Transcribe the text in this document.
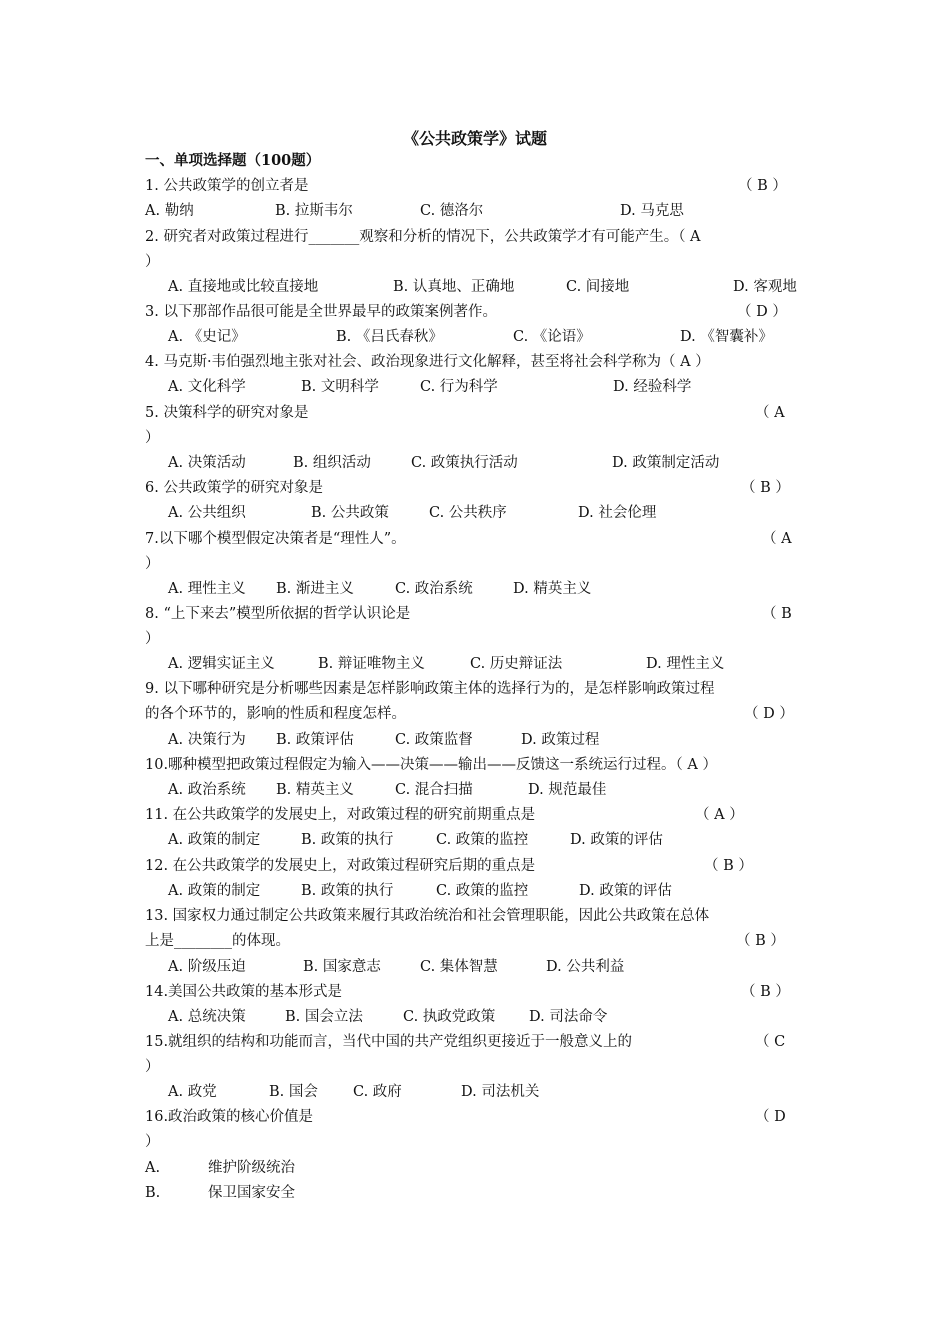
《公共政策学》试题
一、单项选择题（100题）
1. 公共政策学的创立者是	（ B ）
A. 勒纳	B. 拉斯韦尔	C. 德洛尔	D. 马克思
2. 研究者对政策过程进行_______观察和分析的情况下，公共政策学才有可能产生。（ A
）
A. 直接地或比较直接地	B. 认真地、正确地	C. 间接地	D. 客观地
3. 以下那部作品很可能是全世界最早的政策案例著作。	（ D ）
A. 《史记》	B. 《吕氏春秋》	C. 《论语》	D. 《智囊补》
4. 马克斯·韦伯强烈地主张对社会、政治现象进行文化解释，甚至将社会科学称为（ A ）
A. 文化科学	B. 文明科学	C. 行为科学	D. 经验科学
5. 决策科学的研究对象是	（ A
）
A. 决策活动	B. 组织活动	C. 政策执行活动	D. 政策制定活动
6. 公共政策学的研究对象是	（ B ）
A. 公共组织	B. 公共政策	C. 公共秩序	D. 社会伦理
7.以下哪个模型假定决策者是“理性人”。	（ A
）
A. 理性主义 B. 渐进主义	C. 政治系统	D. 精英主义
8. “上下来去”模型所依据的哲学认识论是	（ B
）
A. 逻辑实证主义	B. 辩证唯物主义	C. 历史辩证法	D. 理性主义
9. 以下哪种研究是分析哪些因素是怎样影响政策主体的选择行为的，是怎样影响政策过程
的各个环节的，影响的性质和程度怎样。	（ D ）
A. 决策行为 B. 政策评估	C. 政策监督	D. 政策过程
10.哪种模型把政策过程假定为输入——决策——输出——反馈这一系统运行过程。（ A ）
A. 政治系统 B. 精英主义	C. 混合扫描	D. 规范最佳
11. 在公共政策学的发展史上，对政策过程的研究前期重点是	（ A ）
A. 政策的制定	B. 政策的执行	C. 政策的监控	D. 政策的评估
12. 在公共政策学的发展史上，对政策过程研究后期的重点是	（ B ）
A. 政策的制定	B. 政策的执行	C. 政策的监控	D. 政策的评估
13. 国家权力通过制定公共政策来履行其政治统治和社会管理职能，因此公共政策在总体
上是________的体现。	（ B ）
A. 阶级压迫	B. 国家意志	C. 集体智慧	D. 公共利益
14.美国公共政策的基本形式是	（ B ）
A. 总统决策	B. 国会立法	C. 执政党政策 D. 司法命令
15.就组织的结构和功能而言，当代中国的共产党组织更接近于一般意义上的	（ C
）
A. 政党	B. 国会 C. 政府	D. 司法机关
16.政治政策的核心价值是	（ D
）
A.	维护阶级统治
B.	保卫国家安全
